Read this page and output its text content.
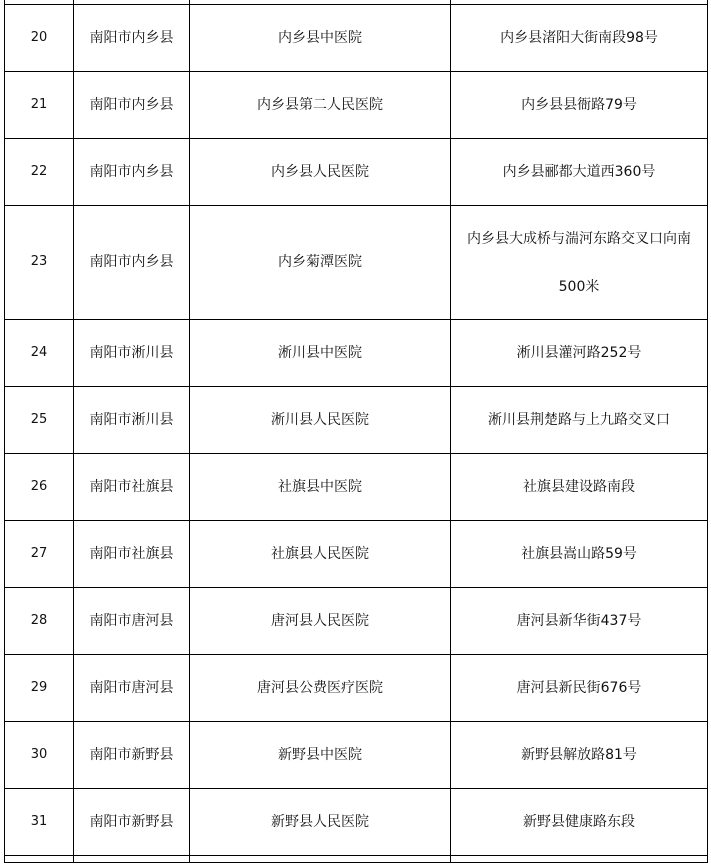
20	南阳市内乡县	内乡县中医院	内乡县渚阳大街南段98号
21	南阳市内乡县	内乡县第二人民医院	内乡县县衙路79号
22	南阳市内乡县	内乡县人民医院	内乡县郦都大道西360号
23	南阳市内乡县	内乡菊潭医院	内乡县大成桥与湍河东路交叉口向南
500米

24	南阳市淅川县	淅川县中医院	淅川县灌河路252号
25	南阳市淅川县	淅川县人民医院	淅川县荆楚路与上九路交叉口
26	南阳市社旗县	社旗县中医院	社旗县建设路南段
27	南阳市社旗县	社旗县人民医院	社旗县嵩山路59号
28	南阳市唐河县	唐河县人民医院	唐河县新华街437号
29	南阳市唐河县	唐河县公费医疗医院	唐河县新民街676号
30	南阳市新野县	新野县中医院	新野县解放路81号
31	南阳市新野县	新野县人民医院	新野县健康路东段
